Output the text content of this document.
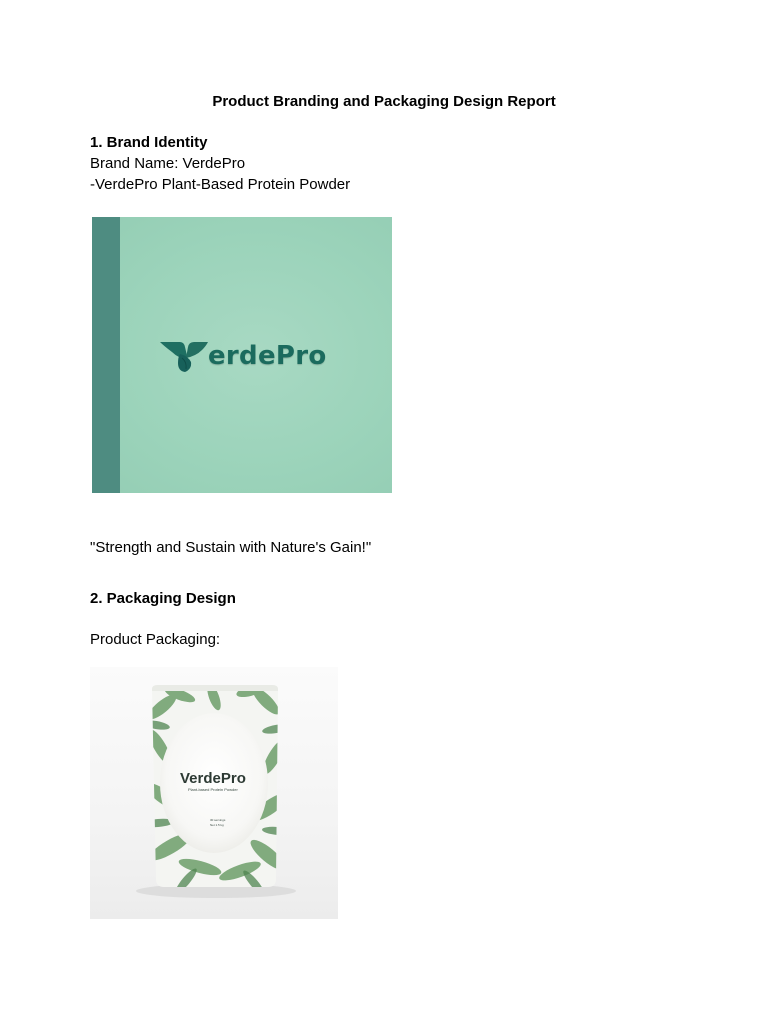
Product Branding and Packaging Design Report
1. Brand Identity
Brand Name: VerdePro
-VerdePro Plant-Based Protein Powder
erdePro
"Strength and Sustain with Nature's Gain!"
2. Packaging Design
Product Packaging:
VerdePro
Plant-based Protein Powder
30 servings
Net 1.5 kg
